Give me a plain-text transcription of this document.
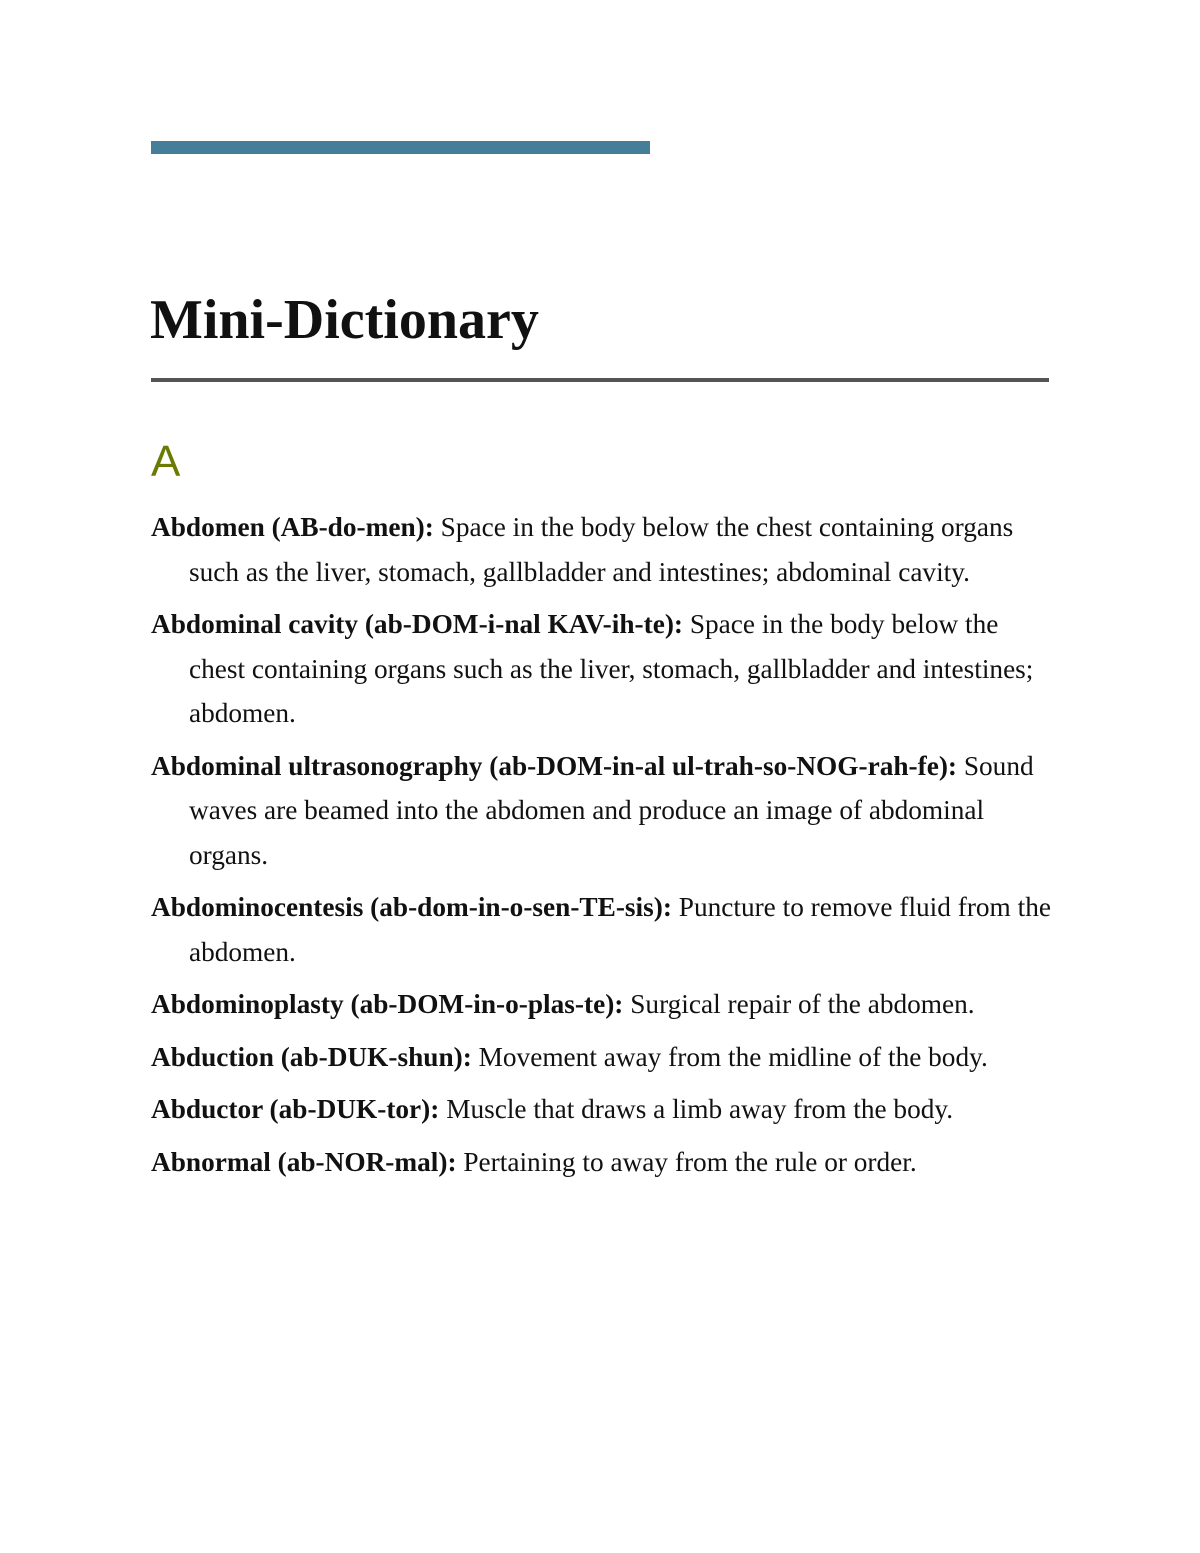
Mini-Dictionary
A
Abdomen (AB-do-men): Space in the body below the chest containing organs such as the liver, stomach, gallbladder and intestines; abdominal cavity.
Abdominal cavity (ab-DOM-i-nal KAV-ih-te): Space in the body below the chest containing organs such as the liver, stomach, gallbladder and intestines; abdomen.
Abdominal ultrasonography (ab-DOM-in-al ul-trah-so-NOG-rah-fe): Sound waves are beamed into the abdomen and produce an image of abdominal organs.
Abdominocentesis (ab-dom-in-o-sen-TE-sis): Puncture to remove fluid from the abdomen.
Abdominoplasty (ab-DOM-in-o-plas-te): Surgical repair of the abdomen.
Abduction (ab-DUK-shun): Movement away from the midline of the body.
Abductor (ab-DUK-tor): Muscle that draws a limb away from the body.
Abnormal (ab-NOR-mal): Pertaining to away from the rule or order.
